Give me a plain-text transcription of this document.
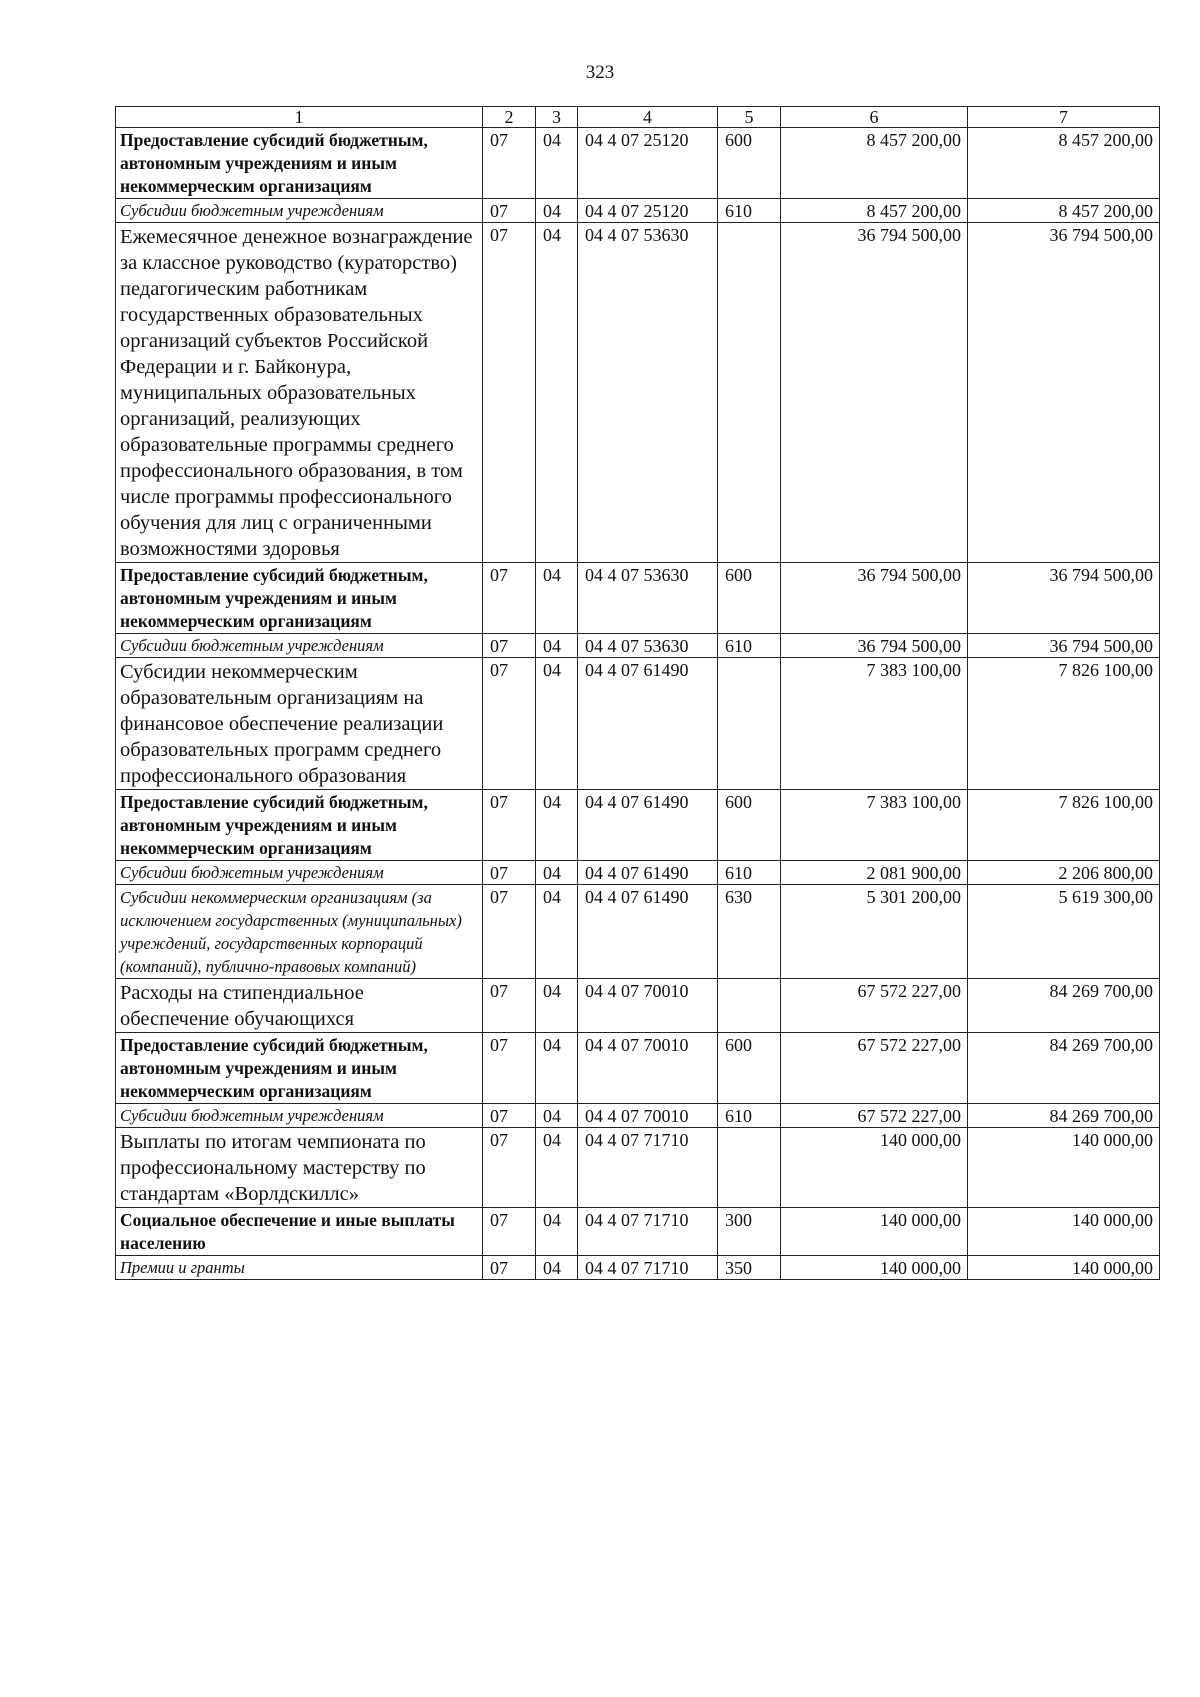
323
1	2	3	4	5	6	7
Предоставление субсидий бюджетным, автономным учреждениям и иным некоммерческим организациям	07	04	04 4 07 25120	600	8 457 200,00	8 457 200,00
Субсидии бюджетным учреждениям	07	04	04 4 07 25120	610	8 457 200,00	8 457 200,00
Ежемесячное денежное вознаграждение за классное руководство (кураторство) педагогическим работникам государственных образовательных организаций субъектов Российской Федерации и г. Байконура, муниципальных образовательных организаций, реализующих образовательные программы среднего профессионального образования, в том числе программы профессионального обучения для лиц с ограниченными возможностями здоровья	07	04	04 4 07 53630		36 794 500,00	36 794 500,00
Предоставление субсидий бюджетным, автономным учреждениям и иным некоммерческим организациям	07	04	04 4 07 53630	600	36 794 500,00	36 794 500,00
Субсидии бюджетным учреждениям	07	04	04 4 07 53630	610	36 794 500,00	36 794 500,00
Субсидии некоммерческим образовательным организациям на финансовое обеспечение реализации образовательных программ среднего профессионального образования	07	04	04 4 07 61490		7 383 100,00	7 826 100,00
Предоставление субсидий бюджетным, автономным учреждениям и иным некоммерческим организациям	07	04	04 4 07 61490	600	7 383 100,00	7 826 100,00
Субсидии бюджетным учреждениям	07	04	04 4 07 61490	610	2 081 900,00	2 206 800,00
Субсидии некоммерческим организациям (за исключением государственных (муниципальных) учреждений, государственных корпораций (компаний), публично-правовых компаний)	07	04	04 4 07 61490	630	5 301 200,00	5 619 300,00
Расходы на стипендиальное обеспечение обучающихся	07	04	04 4 07 70010		67 572 227,00	84 269 700,00
Предоставление субсидий бюджетным, автономным учреждениям и иным некоммерческим организациям	07	04	04 4 07 70010	600	67 572 227,00	84 269 700,00
Субсидии бюджетным учреждениям	07	04	04 4 07 70010	610	67 572 227,00	84 269 700,00
Выплаты по итогам чемпионата по профессиональному мастерству по стандартам «Ворлдскиллс»	07	04	04 4 07 71710		140 000,00	140 000,00
Социальное обеспечение и иные выплаты населению	07	04	04 4 07 71710	300	140 000,00	140 000,00
Премии и гранты	07	04	04 4 07 71710	350	140 000,00	140 000,00
